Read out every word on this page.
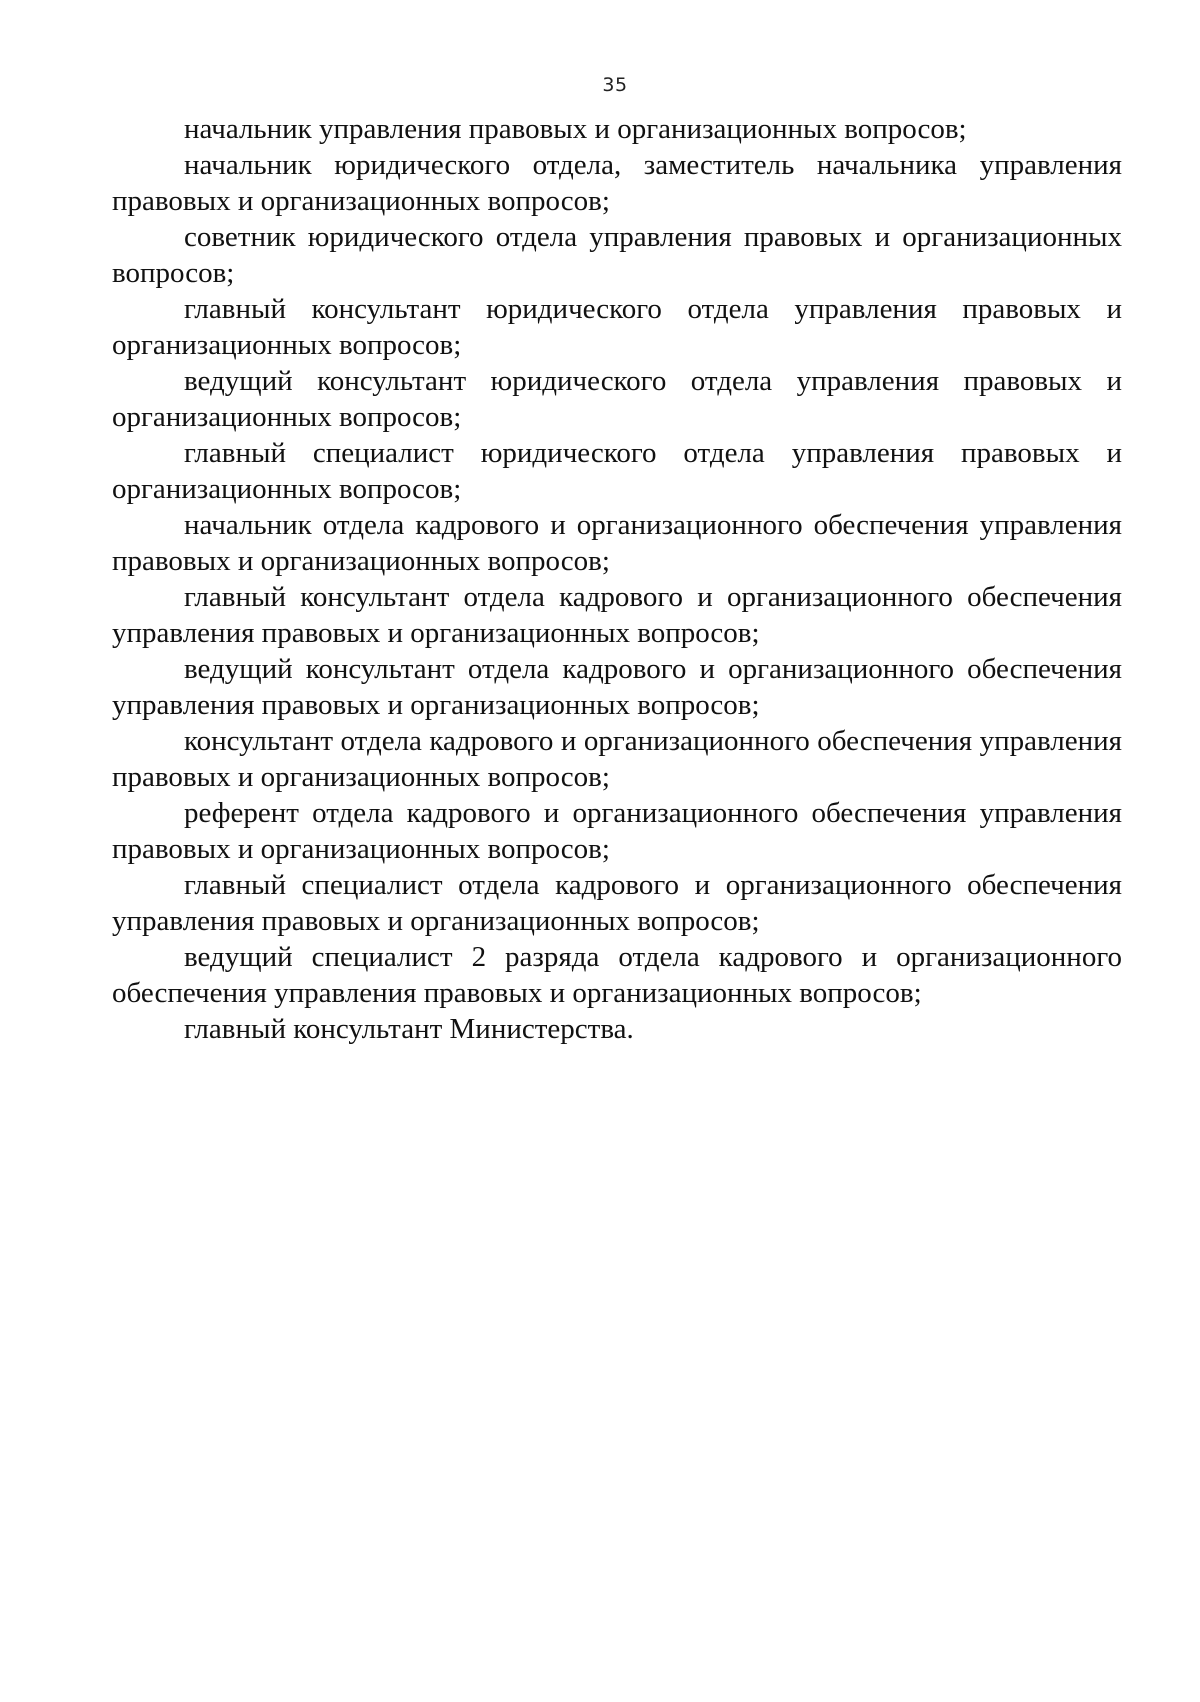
35
начальник управления правовых и организационных вопросов;
начальник юридического отдела, заместитель начальника управления
правовых и организационных вопросов;
советник юридического отдела управления правовых и организационных
вопросов;
главный консультант юридического отдела управления правовых и
организационных вопросов;
ведущий консультант юридического отдела управления правовых и
организационных вопросов;
главный специалист юридического отдела управления правовых и
организационных вопросов;
начальник отдела кадрового и организационного обеспечения управления
правовых и организационных вопросов;
главный консультант отдела кадрового и организационного обеспечения
управления правовых и организационных вопросов;
ведущий консультант отдела кадрового и организационного обеспечения
управления правовых и организационных вопросов;
консультант отдела кадрового и организационного обеспечения управления
правовых и организационных вопросов;
референт отдела кадрового и организационного обеспечения управления
правовых и организационных вопросов;
главный специалист отдела кадрового и организационного обеспечения
управления правовых и организационных вопросов;
ведущий специалист 2 разряда отдела кадрового и организационного
обеспечения управления правовых и организационных вопросов;
главный консультант Министерства.
